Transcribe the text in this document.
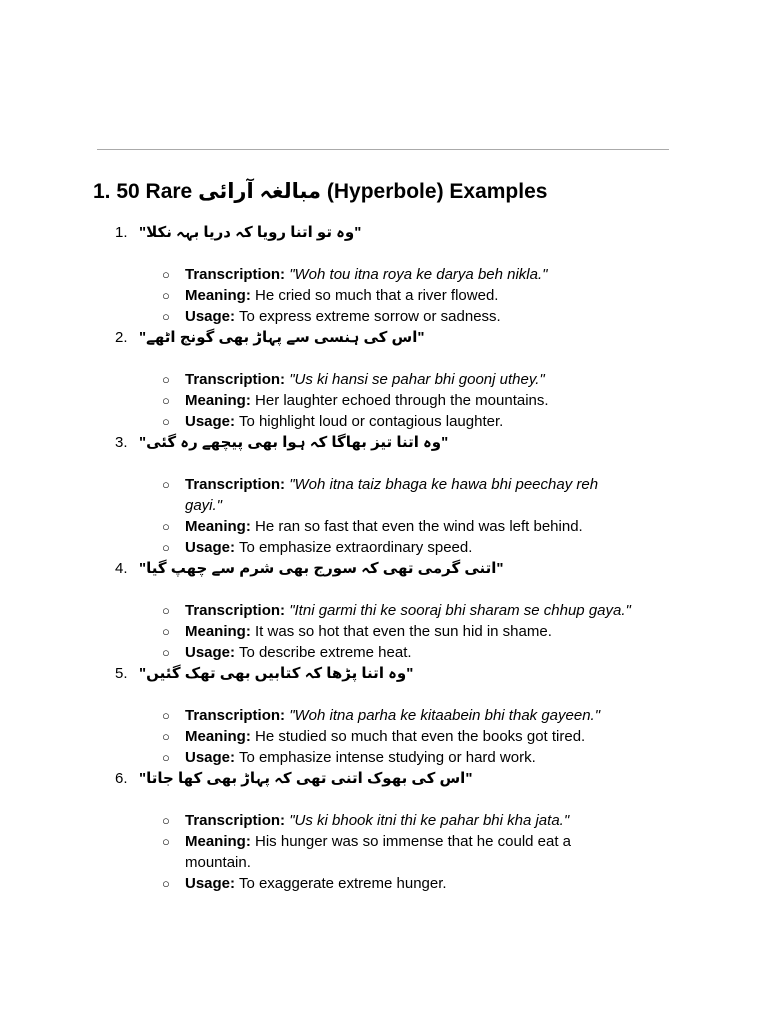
1. 50 Rare مبالغہ آرائی (Hyperbole) Examples
1. "وہ تو اتنا رویا کہ دریا بہہ نکلا"
○ Transcription: "Woh tou itna roya ke darya beh nikla."
○ Meaning: He cried so much that a river flowed.
○ Usage: To express extreme sorrow or sadness.
2. "اس کی ہنسی سے پہاڑ بھی گونج اٹھے"
○ Transcription: "Us ki hansi se pahar bhi goonj uthey."
○ Meaning: Her laughter echoed through the mountains.
○ Usage: To highlight loud or contagious laughter.
3. "وہ اتنا تیز بھاگا کہ ہوا بھی پیچھے رہ گئی"
○ Transcription: "Woh itna taiz bhaga ke hawa bhi peechay reh gayi."
○ Meaning: He ran so fast that even the wind was left behind.
○ Usage: To emphasize extraordinary speed.
4. "اتنی گرمی تھی کہ سورج بھی شرم سے چھپ گیا"
○ Transcription: "Itni garmi thi ke sooraj bhi sharam se chhup gaya."
○ Meaning: It was so hot that even the sun hid in shame.
○ Usage: To describe extreme heat.
5. "وہ اتنا پڑھا کہ کتابیں بھی تھک گئیں"
○ Transcription: "Woh itna parha ke kitaabein bhi thak gayeen."
○ Meaning: He studied so much that even the books got tired.
○ Usage: To emphasize intense studying or hard work.
6. "اس کی بھوک اتنی تھی کہ پہاڑ بھی کھا جاتا"
○ Transcription: "Us ki bhook itni thi ke pahar bhi kha jata."
○ Meaning: His hunger was so immense that he could eat a mountain.
○ Usage: To exaggerate extreme hunger.
